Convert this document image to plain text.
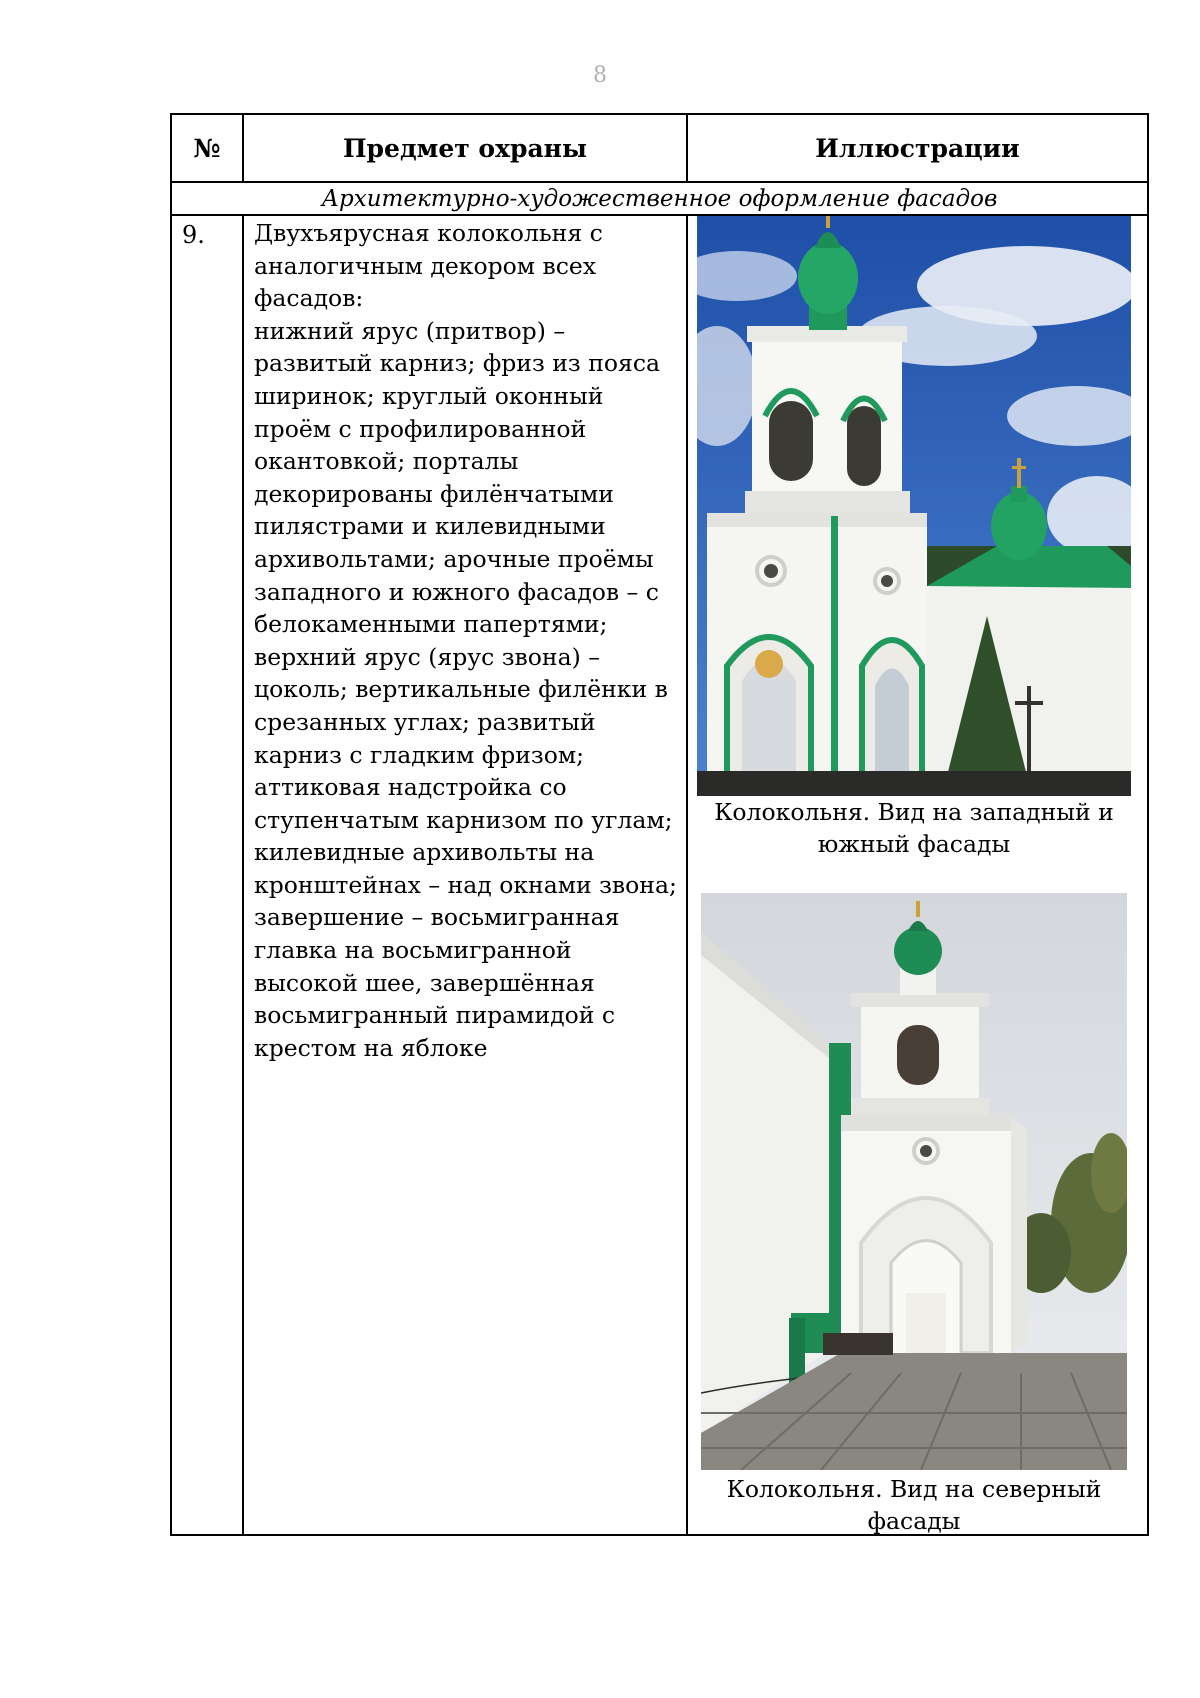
8
№	Предмет охраны	Иллюстрации
Архитектурно-художественное оформление фасадов		
9.	Двухъярусная колокольня с аналогичным декором всех фасадов:
нижний ярус (притвор) – развитый карниз; фриз из пояса ширинок; круглый оконный проём с профилированной окантовкой; порталы декорированы филёнчатыми пилястрами и килевидными архивольтами; арочные проёмы западного и южного фасадов – с белокаменными папертями;
верхний ярус (ярус звона) – цоколь; вертикальные филёнки в срезанных углах; развитый карниз с гладким фризом; аттиковая надстройка со ступенчатым карнизом по углам;
килевидные архивольты на кронштейнах – над окнами звона;
завершение – восьмигранная главка на восьмигранной высокой шее, завершённая восьмигранный пирамидой с крестом на яблоке	
Колокольня. Вид на западный и южный фасады
Колокольня. Вид на северный фасады
